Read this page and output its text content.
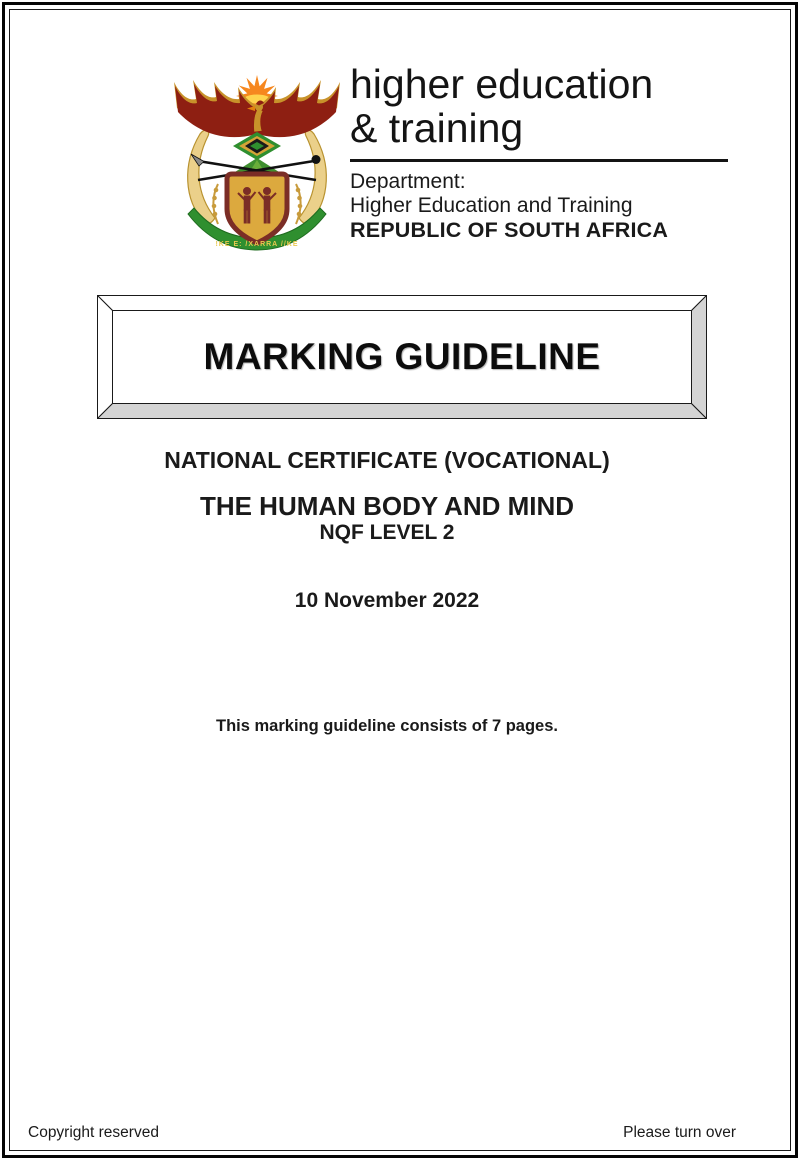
!KE E: /XARRA //KE
higher education
& training
Department:
Higher Education and Training
REPUBLIC OF SOUTH AFRICA
MARKING GUIDELINE
NATIONAL CERTIFICATE (VOCATIONAL)
THE HUMAN BODY AND MIND
NQF LEVEL 2
10 November 2022
This marking guideline consists of 7 pages.
Copyright reserved	Please turn over
